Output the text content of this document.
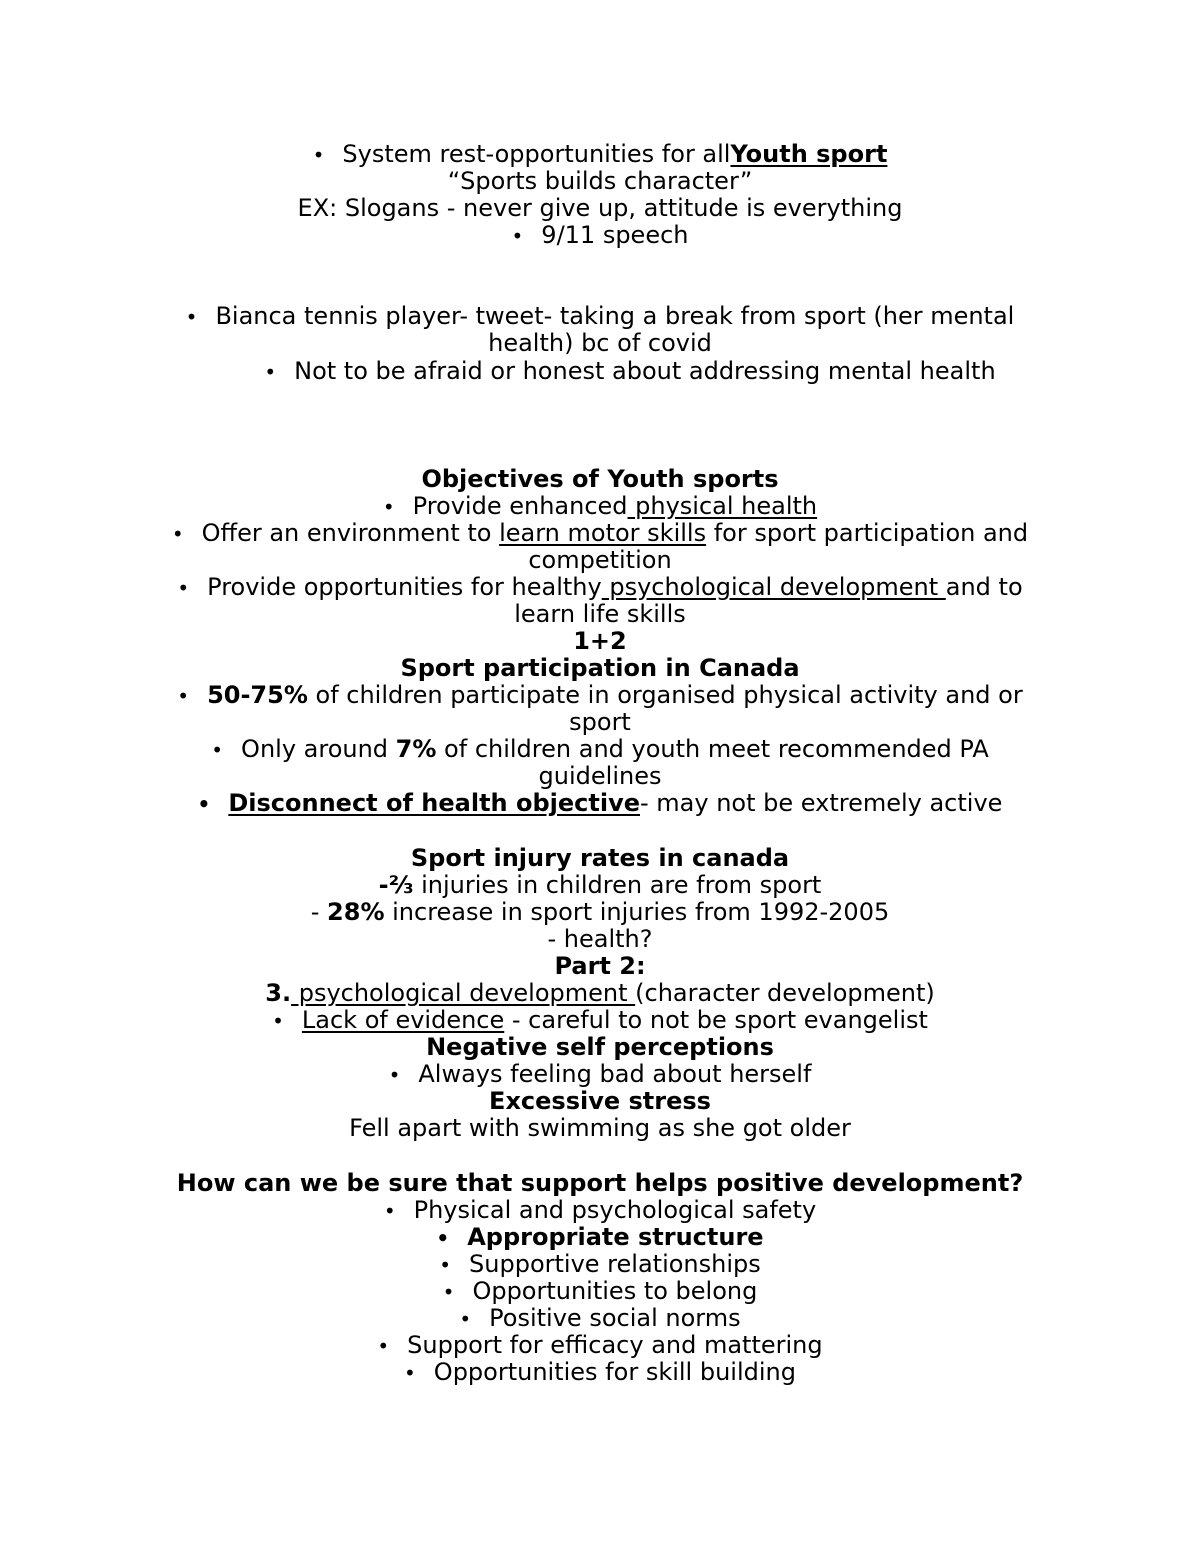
• System rest-opportunities for allYouth sport
“Sports builds character”
EX: Slogans - never give up, attitude is everything
• 9/11 speech
• Bianca tennis player- tweet- taking a break from sport (her mental
health) bc of covid
• Not to be afraid or honest about addressing mental health
Objectives of Youth sports
• Provide enhanced physical health
• Offer an environment to learn motor skills for sport participation and
competition
• Provide opportunities for healthy psychological development and to
learn life skills
1+2
Sport participation in Canada
• 50-75% of children participate in organised physical activity and or
sport
• Only around 7% of children and youth meet recommended PA
guidelines
• Disconnect of health objective- may not be extremely active
Sport injury rates in canada
-⅔ injuries in children are from sport
- 28% increase in sport injuries from 1992-2005
- health?
Part 2:
3. psychological development (character development)
• Lack of evidence - careful to not be sport evangelist
Negative self perceptions
• Always feeling bad about herself
Excessive stress
Fell apart with swimming as she got older
How can we be sure that support helps positive development?
• Physical and psychological safety
• Appropriate structure
• Supportive relationships
• Opportunities to belong
• Positive social norms
• Support for efficacy and mattering
• Opportunities for skill building
